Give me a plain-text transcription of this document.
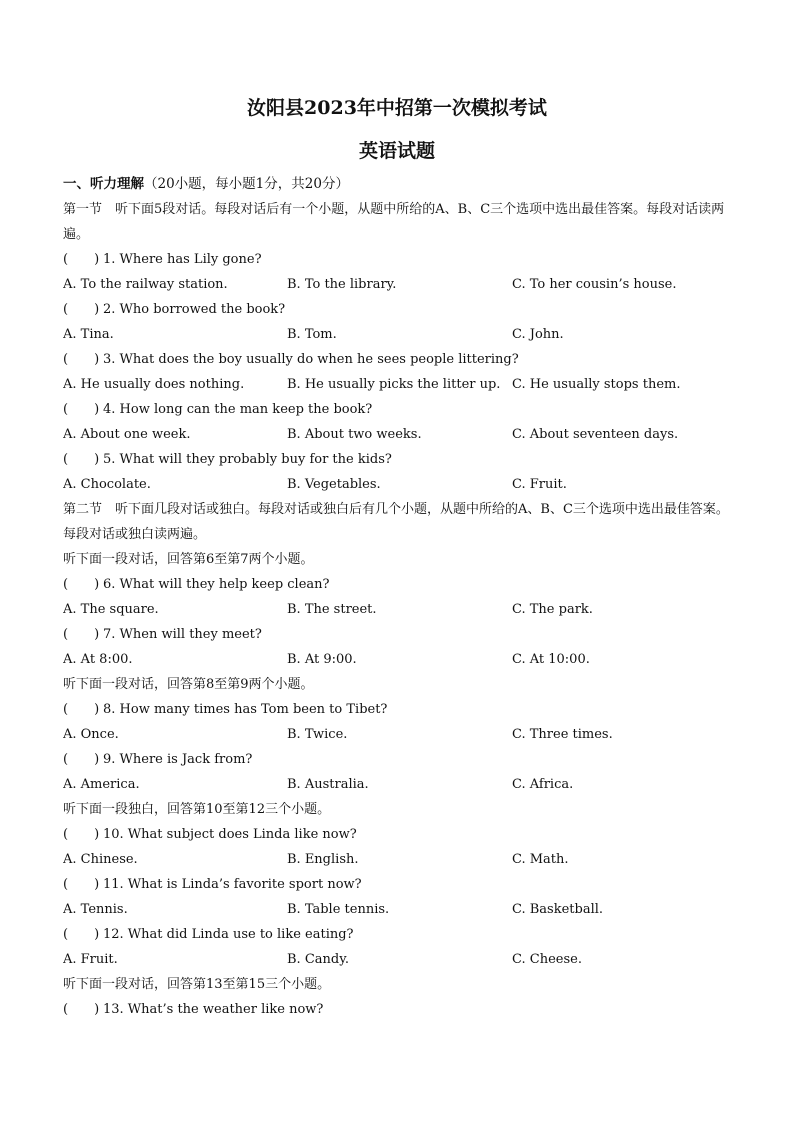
汝阳县2023年中招第一次模拟考试
英语试题
一、听力理解（20小题，每小题1分，共20分）
第一节　听下面5段对话。每段对话后有一个小题，从题中所给的A、B、C三个选项中选出最佳答案。每段对话读两遍。
(　　) 1. Where has Lily gone?
A. To the railway station.	B. To the library.	C. To her cousin’s house.
(　　) 2. Who borrowed the book?
A. Tina.	B. Tom.	C. John.
(　　) 3. What does the boy usually do when he sees people littering?
A. He usually does nothing.	B. He usually picks the litter up. C. He usually stops them.
(　　) 4. How long can the man keep the book?
A. About one week.	B. About two weeks.	C. About seventeen days.
(　　) 5. What will they probably buy for the kids?
A. Chocolate.	B. Vegetables.	C. Fruit.
第二节　听下面几段对话或独白。每段对话或独白后有几个小题，从题中所给的A、B、C三个选项中选出最佳答案。每段对话或独白读两遍。
听下面一段对话，回答第6至第7两个小题。
(　　) 6. What will they help keep clean?
A. The square.	B. The street.	C. The park.
(　　) 7. When will they meet?
A. At 8:00.	B. At 9:00.	C. At 10:00.
听下面一段对话，回答第8至第9两个小题。
(　　) 8. How many times has Tom been to Tibet?
A. Once.	B. Twice.	C. Three times.
(　　) 9. Where is Jack from?
A. America.	B. Australia.	C. Africa.
听下面一段独白，回答第10至第12三个小题。
(　　) 10. What subject does Linda like now?
A. Chinese.	B. English.	C. Math.
(　　) 11. What is Linda’s favorite sport now?
A. Tennis.	B. Table tennis.	C. Basketball.
(　　) 12. What did Linda use to like eating?
A. Fruit.	B. Candy.	C. Cheese.
听下面一段对话，回答第13至第15三个小题。
(　　) 13. What’s the weather like now?
